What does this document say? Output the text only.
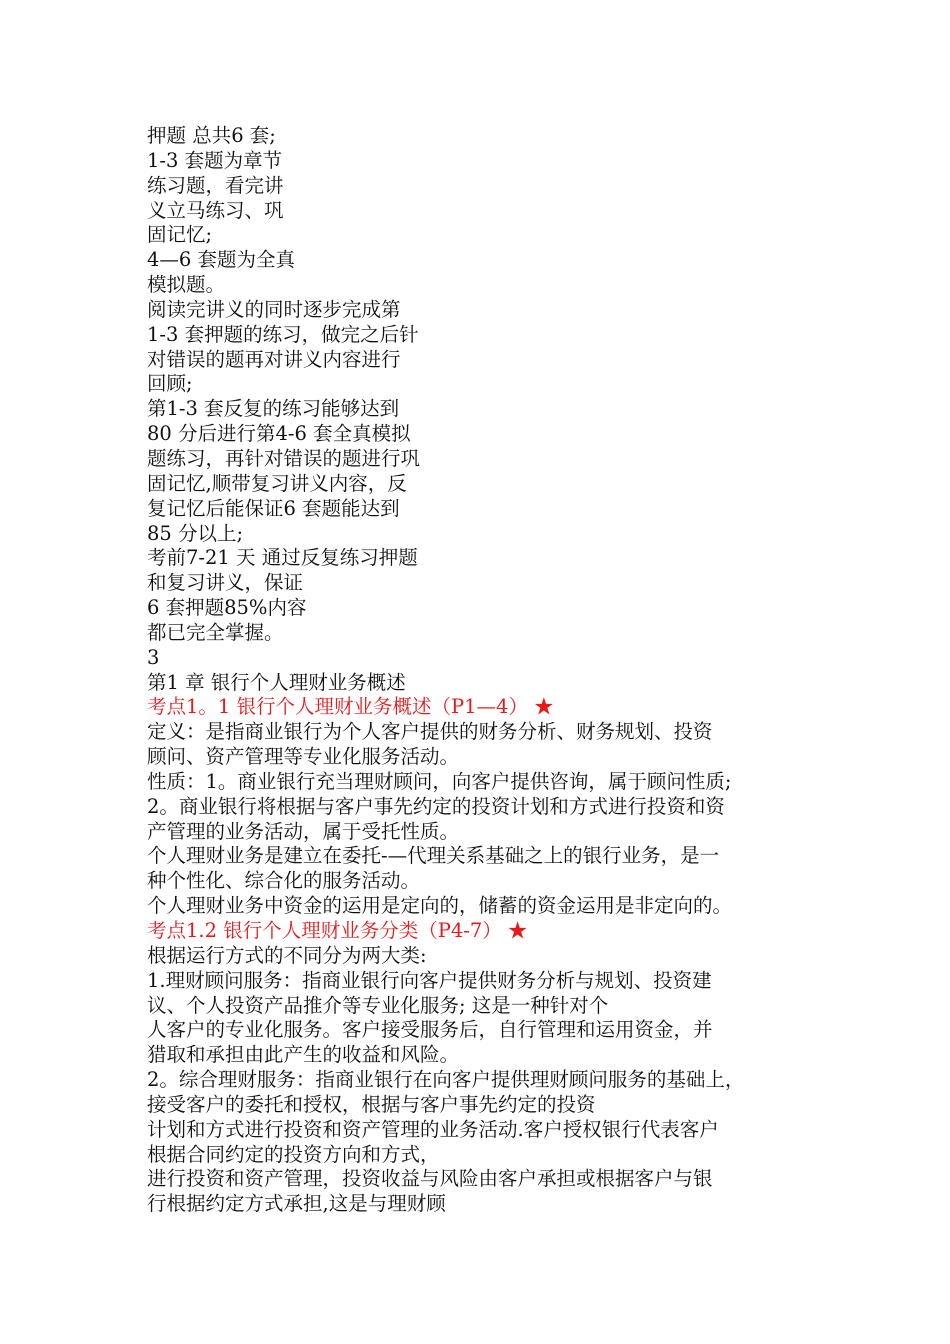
押题 总共6 套;
1-3 套题为章节
练习题，看完讲
义立马练习、巩
固记忆;
4—6 套题为全真
模拟题。
阅读完讲义的同时逐步完成第
1-3 套押题的练习，做完之后针
对错误的题再对讲义内容进行
回顾;
第1-3 套反复的练习能够达到
80 分后进行第4-6 套全真模拟
题练习，再针对错误的题进行巩
固记忆,顺带复习讲义内容，反
复记忆后能保证6 套题能达到
85 分以上;
考前7-21 天 通过反复练习押题
和复习讲义，保证
6 套押题85%内容
都已完全掌握。
3
第1 章 银行个人理财业务概述
考点1。1 银行个人理财业务概述（P1—4） ★
定义：是指商业银行为个人客户提供的财务分析、财务规划、投资
顾问、资产管理等专业化服务活动。
性质：1。商业银行充当理财顾问，向客户提供咨询，属于顾问性质;
2。商业银行将根据与客户事先约定的投资计划和方式进行投资和资
产管理的业务活动，属于受托性质。
个人理财业务是建立在委托-—代理关系基础之上的银行业务，是一
种个性化、综合化的服务活动。
个人理财业务中资金的运用是定向的，储蓄的资金运用是非定向的。
考点1.2 银行个人理财业务分类（P4-7） ★
根据运行方式的不同分为两大类:
1.理财顾问服务：指商业银行向客户提供财务分析与规划、投资建
议、个人投资产品推介等专业化服务; 这是一种针对个
人客户的专业化服务。客户接受服务后，自行管理和运用资金，并
猎取和承担由此产生的收益和风险。
2。综合理财服务：指商业银行在向客户提供理财顾问服务的基础上，
接受客户的委托和授权，根据与客户事先约定的投资
计划和方式进行投资和资产管理的业务活动.客户授权银行代表客户
根据合同约定的投资方向和方式，
进行投资和资产管理，投资收益与风险由客户承担或根据客户与银
行根据约定方式承担,这是与理财顾
